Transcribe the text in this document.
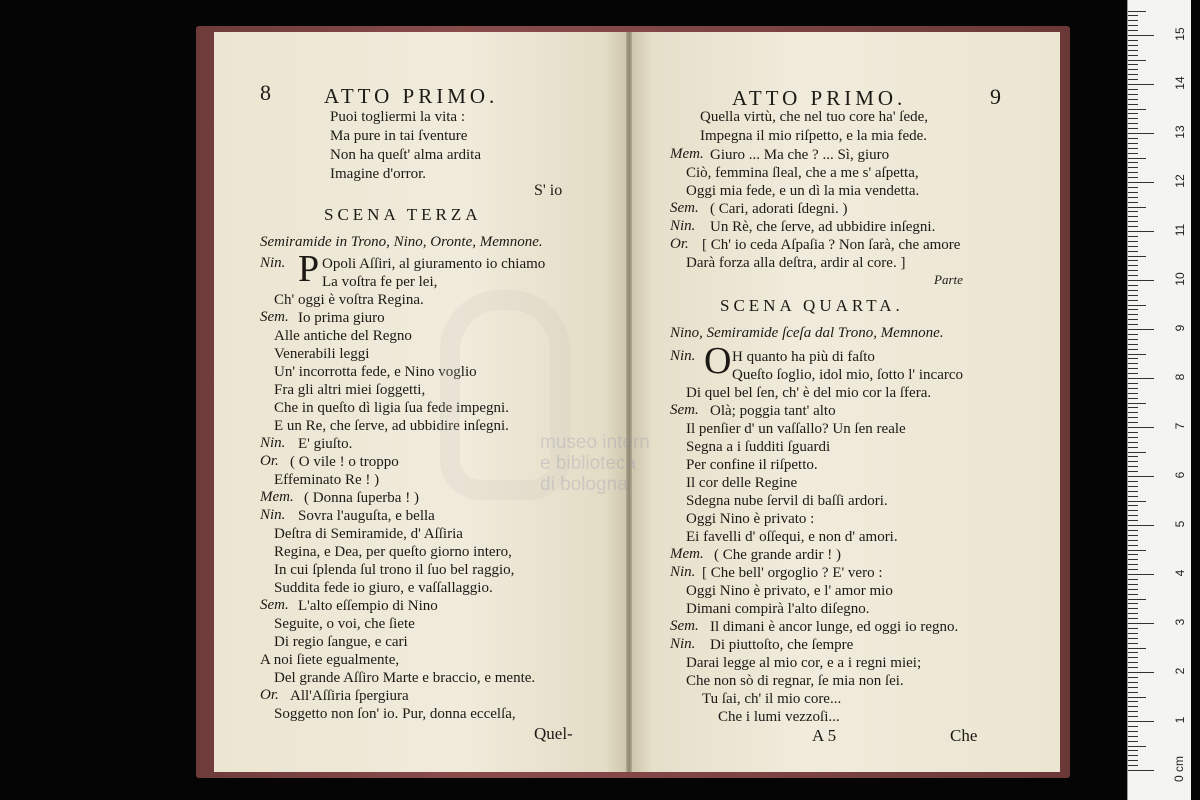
8	ATTO PRIMO.
Puoi togliermi la vita :
Ma pure in tai ſventure
Non ha queſt' alma ardita
Imagine d'orror.
S' io
SCENA TERZA
Semiramide in Trono, Nino, Oronte, Memnone.
Nin. P Opoli Aſſiri, al giuramento io chiamo
La voſtra fe per lei,
Ch' oggi è voſtra Regina.
Sem. Io prima giuro
Alle antiche del Regno
Venerabili leggi
Un' incorrotta fede, e Nino voglio
Fra gli altri miei ſoggetti,
Che in queſto dì ligia ſua fede impegni.
E un Re, che ſerve, ad ubbidire inſegni.
Nin. E' giuſto.
Or. ( O vile ! o troppo
Effeminato Re ! )
Mem. ( Donna ſuperba ! )
Nin. Sovra l'auguſta, e bella
Deſtra di Semiramide, d' Aſſiria
Regina, e Dea, per queſto giorno intero,
In cui ſplenda ſul trono il ſuo bel raggio,
Suddita fede io giuro, e vaſſallaggio.
Sem. L'alto eſſempio di Nino
Seguite, o voi, che ſiete
Di regio ſangue, e cari
A noi ſiete egualmente,
Del grande Aſſiro Marte e braccio, e mente.
Or. All'Aſſiria ſpergiura
Soggetto non ſon' io. Pur, donna eccelſa,
Quel-
ATTO PRIMO.	9
Quella virtù, che nel tuo core ha' ſede,
Impegna il mio riſpetto, e la mia fede.
Mem. Giuro ... Ma che ? ... Sì, giuro
Ciò, femmina ſleal, che a me s' aſpetta,
Oggi mia fede, e un dì la mia vendetta.
Sem. ( Cari, adorati ſdegni. )
Nin. Un Rè, che ſerve, ad ubbidire inſegni.
Or. [ Ch' io ceda Aſpaſia ? Non ſarà, che amore
Darà forza alla deſtra, ardir al core. ]
Parte
SCENA QUARTA.
Nino, Semiramide ſceſa dal Trono, Memnone.
Nin. O H quanto ha più di faſto
Queſto ſoglio, idol mio, ſotto l' incarco
Di quel bel ſen, ch' è del mio cor la ſfera.
Sem. Olà; poggia tant' alto
Il penſier d' un vaſſallo? Un ſen reale
Segna a i ſudditi ſguardi
Per confine il riſpetto.
Il cor delle Regine
Sdegna nube ſervil di baſſi ardori.
Oggi Nino è privato :
Ei favelli d' oſſequi, e non d' amori.
Mem. ( Che grande ardir ! )
Nin. [ Che bell' orgoglio ? E' vero :
Oggi Nino è privato, e l' amor mio
Dimani compirà l'alto diſegno.
Sem. Il dimani è ancor lunge, ed oggi io regno.
Nin. Di piuttoſto, che ſempre
Darai legge al mio cor, e a i regni miei;
Che non sò di regnar, ſe mia non ſei.
Tu ſai, ch' il mio core...
Che i lumi vezzoſi...
A 5	Che
museo intern
e biblioteca
di bologna
0 cm
1
2
3
4
5
6
7
8
9
10
11
12
13
14
15
